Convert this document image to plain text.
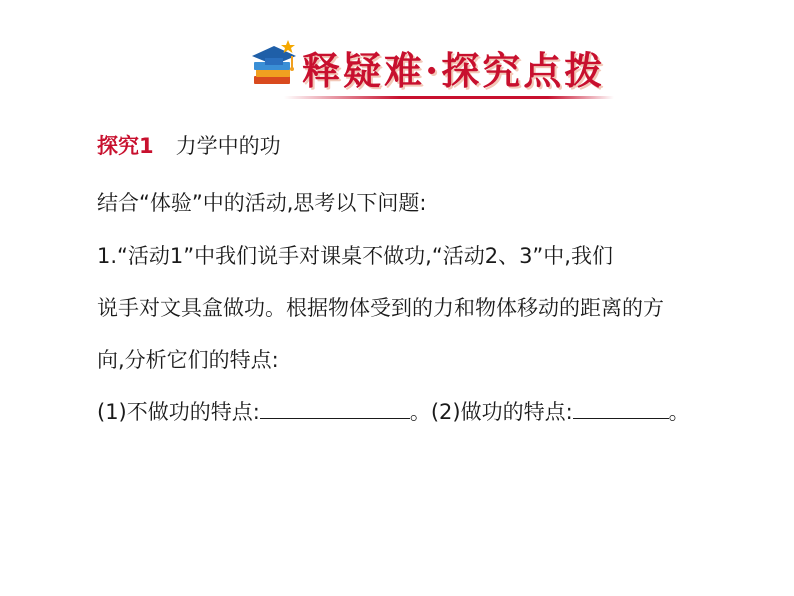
释疑难·探究点拨
探究1 力学中的功
结合“体验”中的活动,思考以下问题:
1.“活动1”中我们说手对课桌不做功,“活动2、3”中,我们
说手对文具盒做功。根据物体受到的力和物体移动的距离的方
向,分析它们的特点:
(1)不做功的特点:	。(2)做功的特点:	。
